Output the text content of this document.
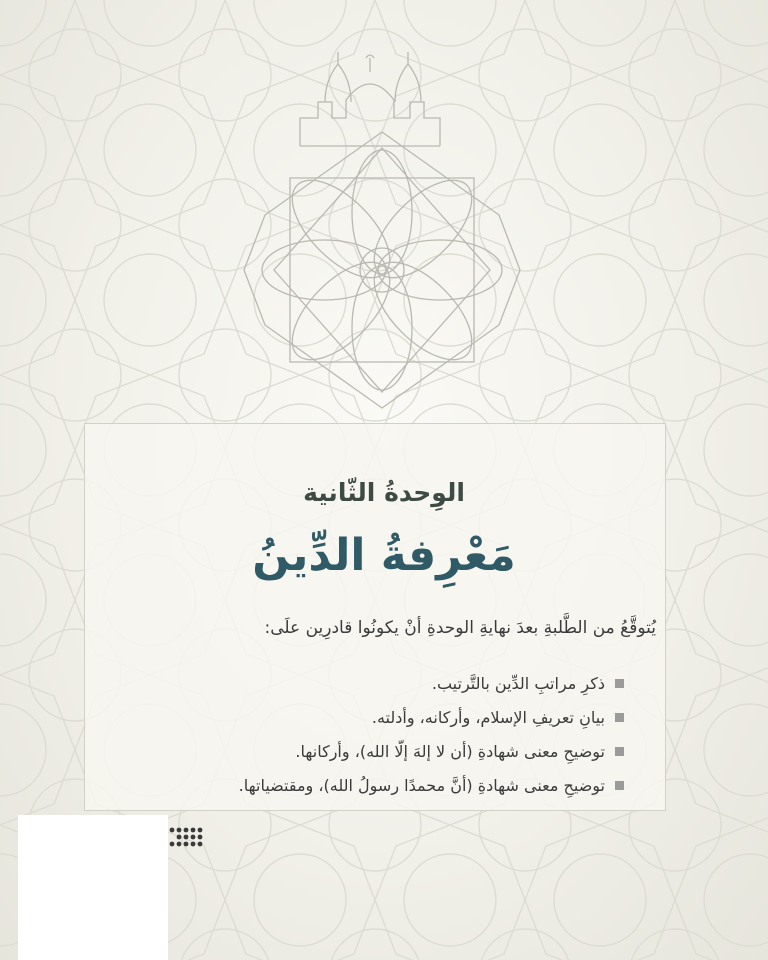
الوِحدةُ الثّانية
مَعْرِفةُ الدِّينُ
يُتوقَّعُ من الطَّلبةِ بعدَ نهايةِ الوحدةِ أنْ يكونُوا قادرِين علَى:
ذكرِ مراتبِ الدِّين بالتَّرتيب.
بيانِ تعريفِ الإسلام، وأركانه، وأدلته.
توضيحِ معنى شهادةِ (أن لا إلهَ إلّا الله)، وأركانها.
توضيحِ معنى شهادةِ (أنَّ محمدًا رسولُ الله)، ومقتضياتها.
